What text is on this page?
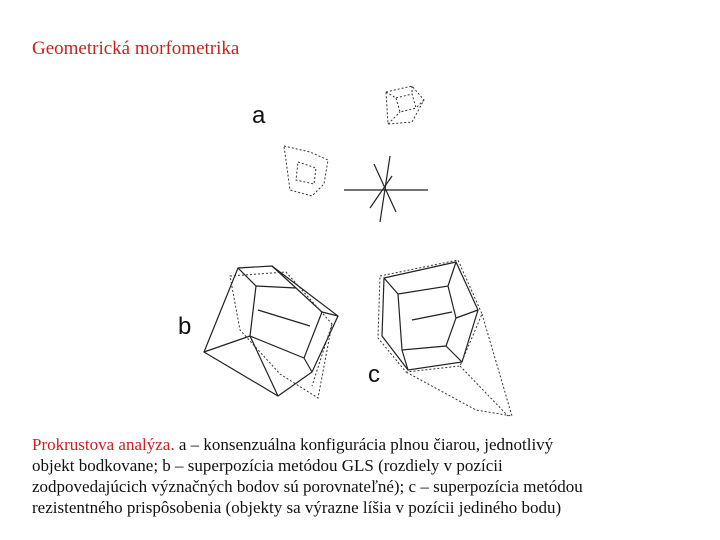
Geometrická morfometrika
a
b
c
Prokrustova analýza. a – konsenzuálna konfigurácia plnou čiarou, jednotlivý
objekt bodkovane; b – superpozícia metódou GLS (rozdiely v pozícii
zodpovedajúcich význačných bodov sú porovnateľné); c – superpozícia metódou
rezistentného prispôsobenia (objekty sa výrazne líšia v pozícii jediného bodu)
